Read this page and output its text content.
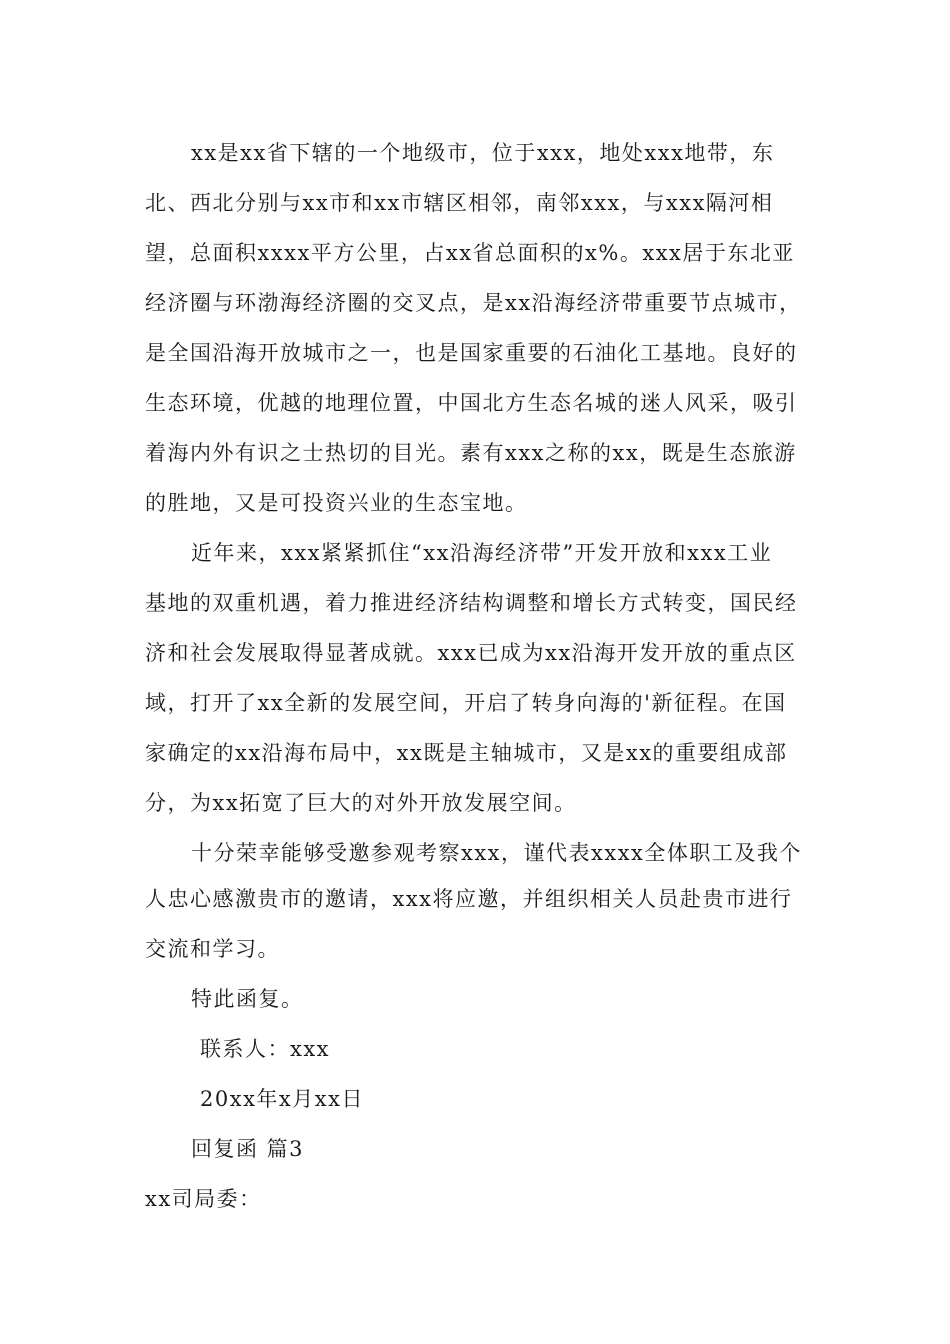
xx是xx省下辖的一个地级市，位于xxx，地处xxx地带，东
北、西北分别与xx市和xx市辖区相邻，南邻xxx，与xxx隔河相
望，总面积xxxx平方公里，占xx省总面积的x%。xxx居于东北亚
经济圈与环渤海经济圈的交叉点，是xx沿海经济带重要节点城市，
是全国沿海开放城市之一，也是国家重要的石油化工基地。良好的
生态环境，优越的地理位置，中国北方生态名城的迷人风采，吸引
着海内外有识之士热切的目光。素有xxx之称的xx，既是生态旅游
的胜地，又是可投资兴业的生态宝地。
近年来，xxx紧紧抓住“xx沿海经济带”开发开放和xxx工业
基地的双重机遇，着力推进经济结构调整和增长方式转变，国民经
济和社会发展取得显著成就。xxx已成为xx沿海开发开放的重点区
域，打开了xx全新的发展空间，开启了转身向海的'新征程。在国
家确定的xx沿海布局中，xx既是主轴城市，又是xx的重要组成部
分，为xx拓宽了巨大的对外开放发展空间。
十分荣幸能够受邀参观考察xxx，谨代表xxxx全体职工及我个
人忠心感激贵市的邀请，xxx将应邀，并组织相关人员赴贵市进行
交流和学习。
特此函复。
联系人：xxx
20xx年x月xx日
回复函 篇3
xx司局委：
